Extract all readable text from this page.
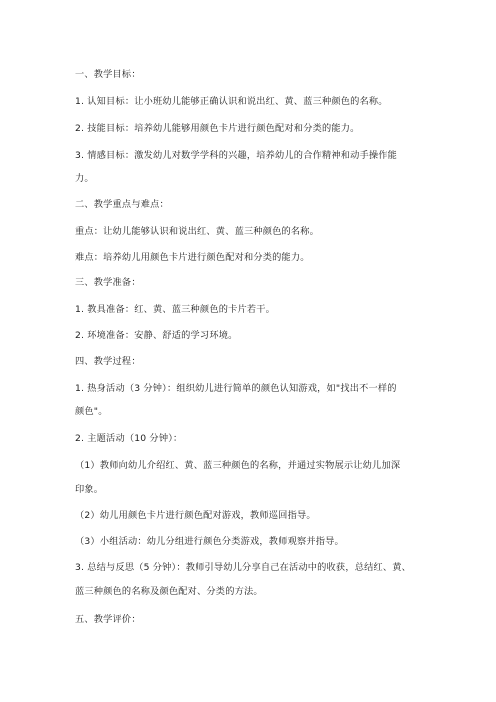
一、教学目标：
1. 认知目标：让小班幼儿能够正确认识和说出红、黄、蓝三种颜色的名称。
2. 技能目标：培养幼儿能够用颜色卡片进行颜色配对和分类的能力。
3. 情感目标：激发幼儿对数学学科的兴趣，培养幼儿的合作精神和动手操作能
力。
二、教学重点与难点：
重点：让幼儿能够认识和说出红、黄、蓝三种颜色的名称。
难点：培养幼儿用颜色卡片进行颜色配对和分类的能力。
三、教学准备：
1. 教具准备：红、黄、蓝三种颜色的卡片若干。
2. 环境准备：安静、舒适的学习环境。
四、教学过程：
1. 热身活动（3 分钟）：组织幼儿进行简单的颜色认知游戏，如"找出不一样的
颜色"。
2. 主题活动（10 分钟）：
（1）教师向幼儿介绍红、黄、蓝三种颜色的名称，并通过实物展示让幼儿加深
印象。
（2）幼儿用颜色卡片进行颜色配对游戏，教师巡回指导。
（3）小组活动：幼儿分组进行颜色分类游戏，教师观察并指导。
3. 总结与反思（5 分钟）：教师引导幼儿分享自己在活动中的收获，总结红、黄、
蓝三种颜色的名称及颜色配对、分类的方法。
五、教学评价：
